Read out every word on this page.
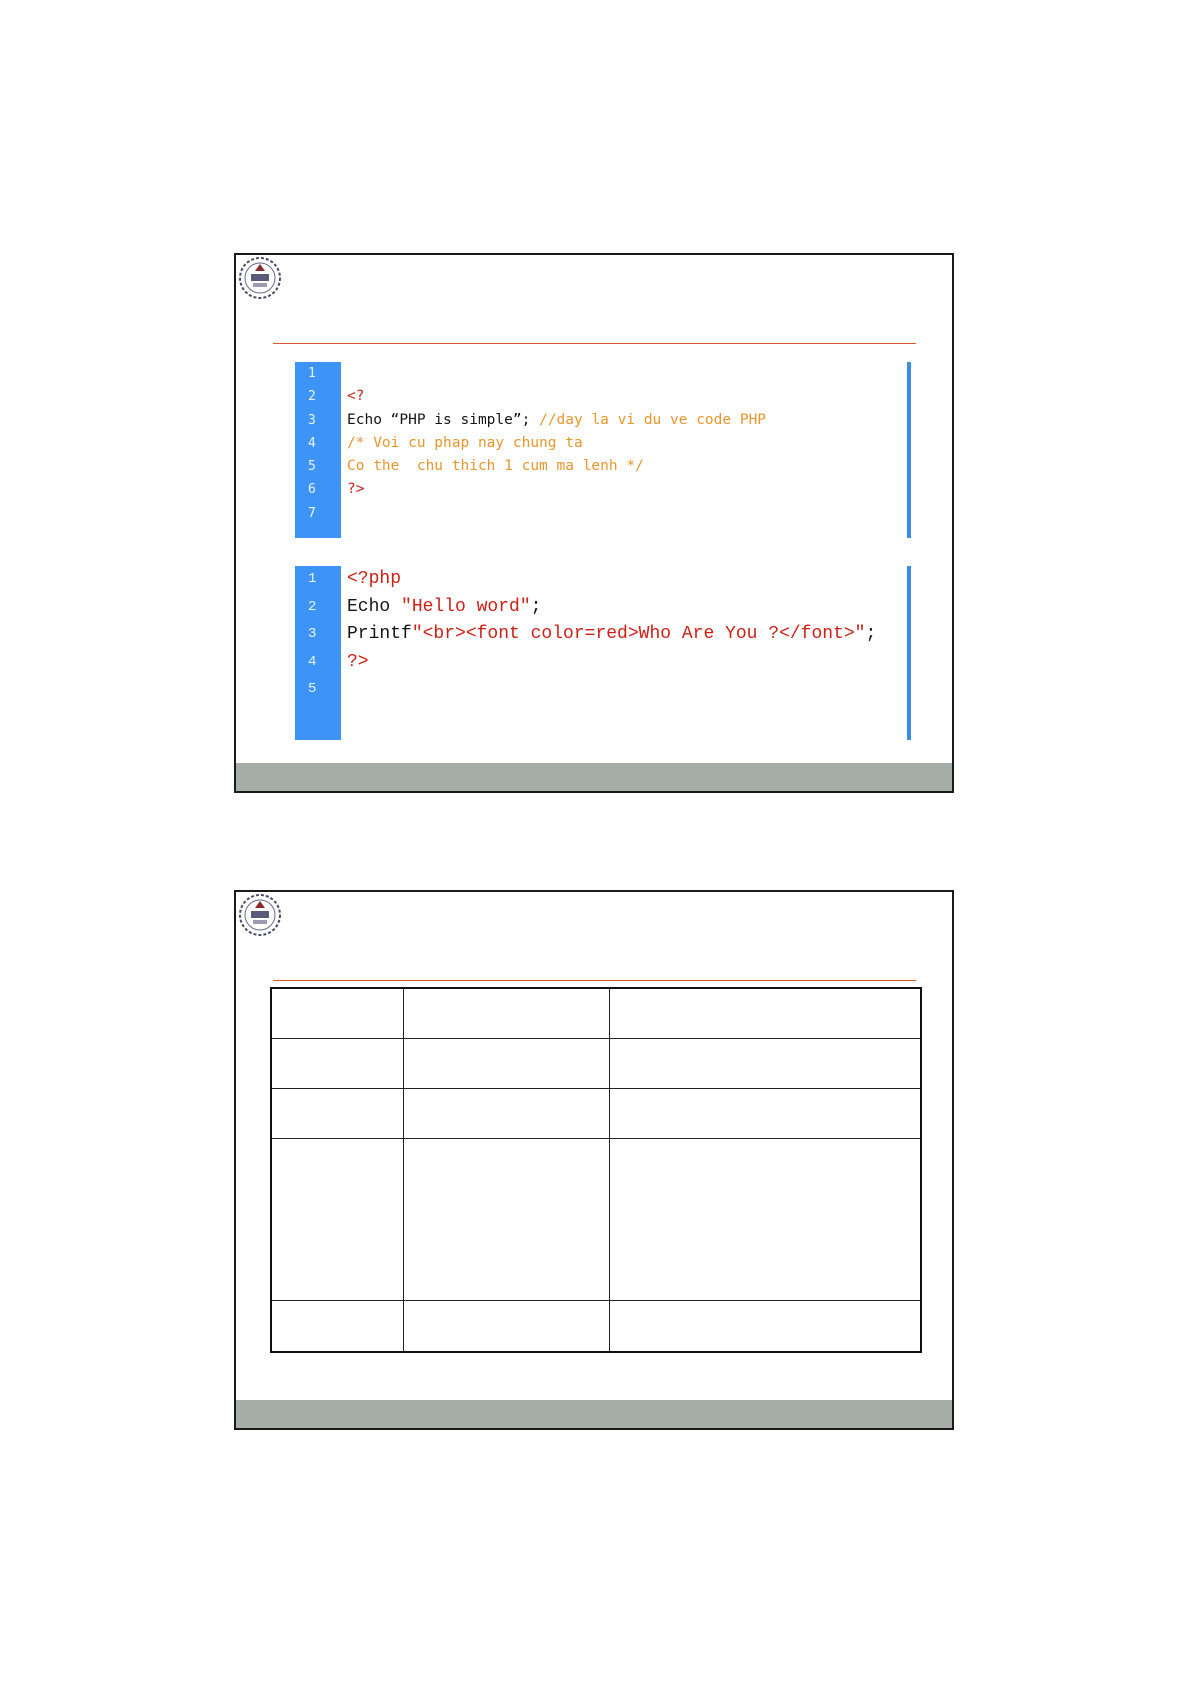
1
2 <?
3 Echo “PHP is simple”; //day la vi du ve code PHP
4 /* Voi cu phap nay chung ta
5 Co the  chu thich 1 cum ma lenh */
6 ?>
7
1 <?php
2 Echo "Hello word";
3 Printf"<br><font color=red>Who Are You ?</font>";
4 ?>
5
